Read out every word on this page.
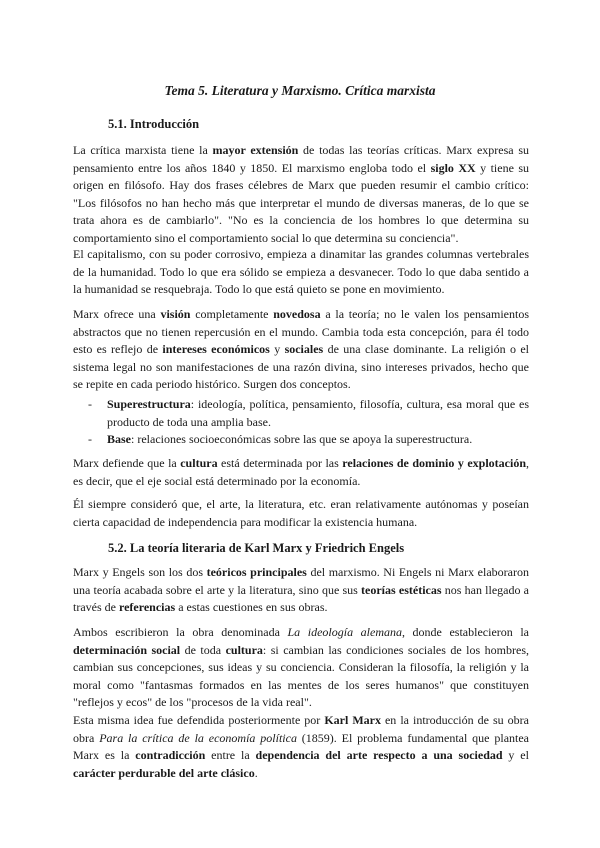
Tema 5. Literatura y Marxismo. Crítica marxista
5.1. Introducción

La crítica marxista tiene la mayor extensión de todas las teorías críticas. Marx expresa su pensamiento entre los años 1840 y 1850. El marxismo engloba todo el siglo XX y tiene su origen en filósofo. Hay dos frases célebres de Marx que pueden resumir el cambio crítico: "Los filósofos no han hecho más que interpretar el mundo de diversas maneras, de lo que se trata ahora es de cambiarlo". "No es la conciencia de los hombres lo que determina su comportamiento sino el comportamiento social lo que determina su conciencia".

El capitalismo, con su poder corrosivo, empieza a dinamitar las grandes columnas vertebrales de la humanidad. Todo lo que era sólido se empieza a desvanecer. Todo lo que daba sentido a la humanidad se resquebraja. Todo lo que está quieto se pone en movimiento.

Marx ofrece una visión completamente novedosa a la teoría; no le valen los pensamientos abstractos que no tienen repercusión en el mundo. Cambia toda esta concepción, para él todo esto es reflejo de intereses económicos y sociales de una clase dominante. La religión o el sistema legal no son manifestaciones de una razón divina, sino intereses privados, hecho que se repite en cada periodo histórico. Surgen dos conceptos.

- Superestructura: ideología, política, pensamiento, filosofía, cultura, esa moral que es producto de toda una amplia base.
- Base: relaciones socioeconómicas sobre las que se apoya la superestructura.

Marx defiende que la cultura está determinada por las relaciones de dominio y explotación, es decir, que el eje social está determinado por la economía.

Él siempre consideró que, el arte, la literatura, etc. eran relativamente autónomas y poseían cierta capacidad de independencia para modificar la existencia humana.

5.2. La teoría literaria de Karl Marx y Friedrich Engels

Marx y Engels son los dos teóricos principales del marxismo. Ni Engels ni Marx elaboraron una teoría acabada sobre el arte y la literatura, sino que sus teorías estéticas nos han llegado a través de referencias a estas cuestiones en sus obras.

Ambos escribieron la obra denominada La ideología alemana, donde establecieron la determinación social de toda cultura: si cambian las condiciones sociales de los hombres, cambian sus concepciones, sus ideas y su conciencia. Consideran la filosofía, la religión y la moral como "fantasmas formados en las mentes de los seres humanos" que constituyen "reflejos y ecos" de los "procesos de la vida real".

Esta misma idea fue defendida posteriormente por Karl Marx en la introducción de su obra obra Para la crítica de la economía política (1859). El problema fundamental que plantea Marx es la contradicción entre la dependencia del arte respecto a una sociedad y el carácter perdurable del arte clásico.
